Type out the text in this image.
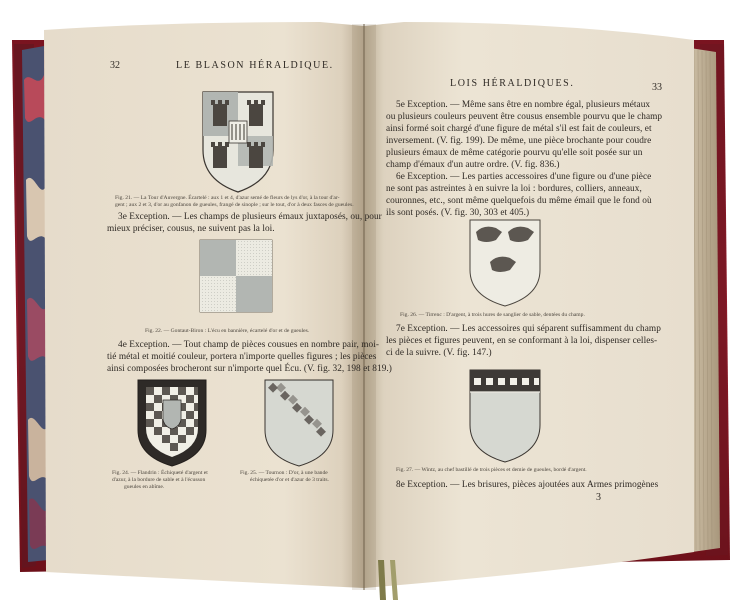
32	LE BLASON HÉRALDIQUE.
Fig. 21. — La Tour d'Auvergne. Écartelé : aux 1 et 4, d'azur semé de fleurs de lys d'or, à la tour d'ar-
gent ; aux 2 et 3, d'or au gonfanon de gueules, frangé de sinople ; sur le tout, d'or à deux fasces de gueules.
3e Exception. — Les champs de plusieurs émaux juxtaposés, ou, pour
mieux préciser, cousus, ne suivent pas la loi.
Fig. 22. — Gontaut-Biron : L'écu en bannière, écartelé d'or et de gueules.
4e Exception. — Tout champ de pièces cousues en nombre pair, moi-
tié métal et moitié couleur, portera n'importe quelles figures ; les pièces
ainsi composées brocheront sur n'importe quel Écu. (V. fig. 32, 198 et 819.)
Fig. 24. — Flandrin : Échiqueté d'argent et
d'azur, à la bordure de sable et à l'écusson
gueules en abîme.
Fig. 25. — Tournon : D'or, à une bande
échiquetée d'or et d'azur de 3 traits.
LOIS HÉRALDIQUES.	33
5e Exception. — Même sans être en nombre égal, plusieurs métaux
ou plusieurs couleurs peuvent être cousus ensemble pourvu que le champ
ainsi formé soit chargé d'une figure de métal s'il est fait de couleurs, et
inversement. (V. fig. 199). De même, une pièce brochante pour coudre
plusieurs émaux de même catégorie pourvu qu'elle soit posée sur un
champ d'émaux d'un autre ordre. (V. fig. 836.)
6e Exception. — Les parties accessoires d'une figure ou d'une pièce
ne sont pas astreintes à en suivre la loi : bordures, colliers, anneaux,
couronnes, etc., sont même quelquefois du même émail que le fond où
ils sont posés. (V. fig. 30, 303 et 405.)
Fig. 26. — Tirrenc : D'argent, à trois hures de sanglier de sable, dentées du champ.
7e Exception. — Les accessoires qui séparent suffisamment du champ
les pièces et figures peuvent, en se conformant à la loi, dispenser celles-
ci de la suivre. (V. fig. 147.)
Fig. 27. — Wintz, au chef bastillé de trois pièces et demie de gueules, bordé d'argent.
8e Exception. — Les brisures, pièces ajoutées aux Armes primogènes
3
